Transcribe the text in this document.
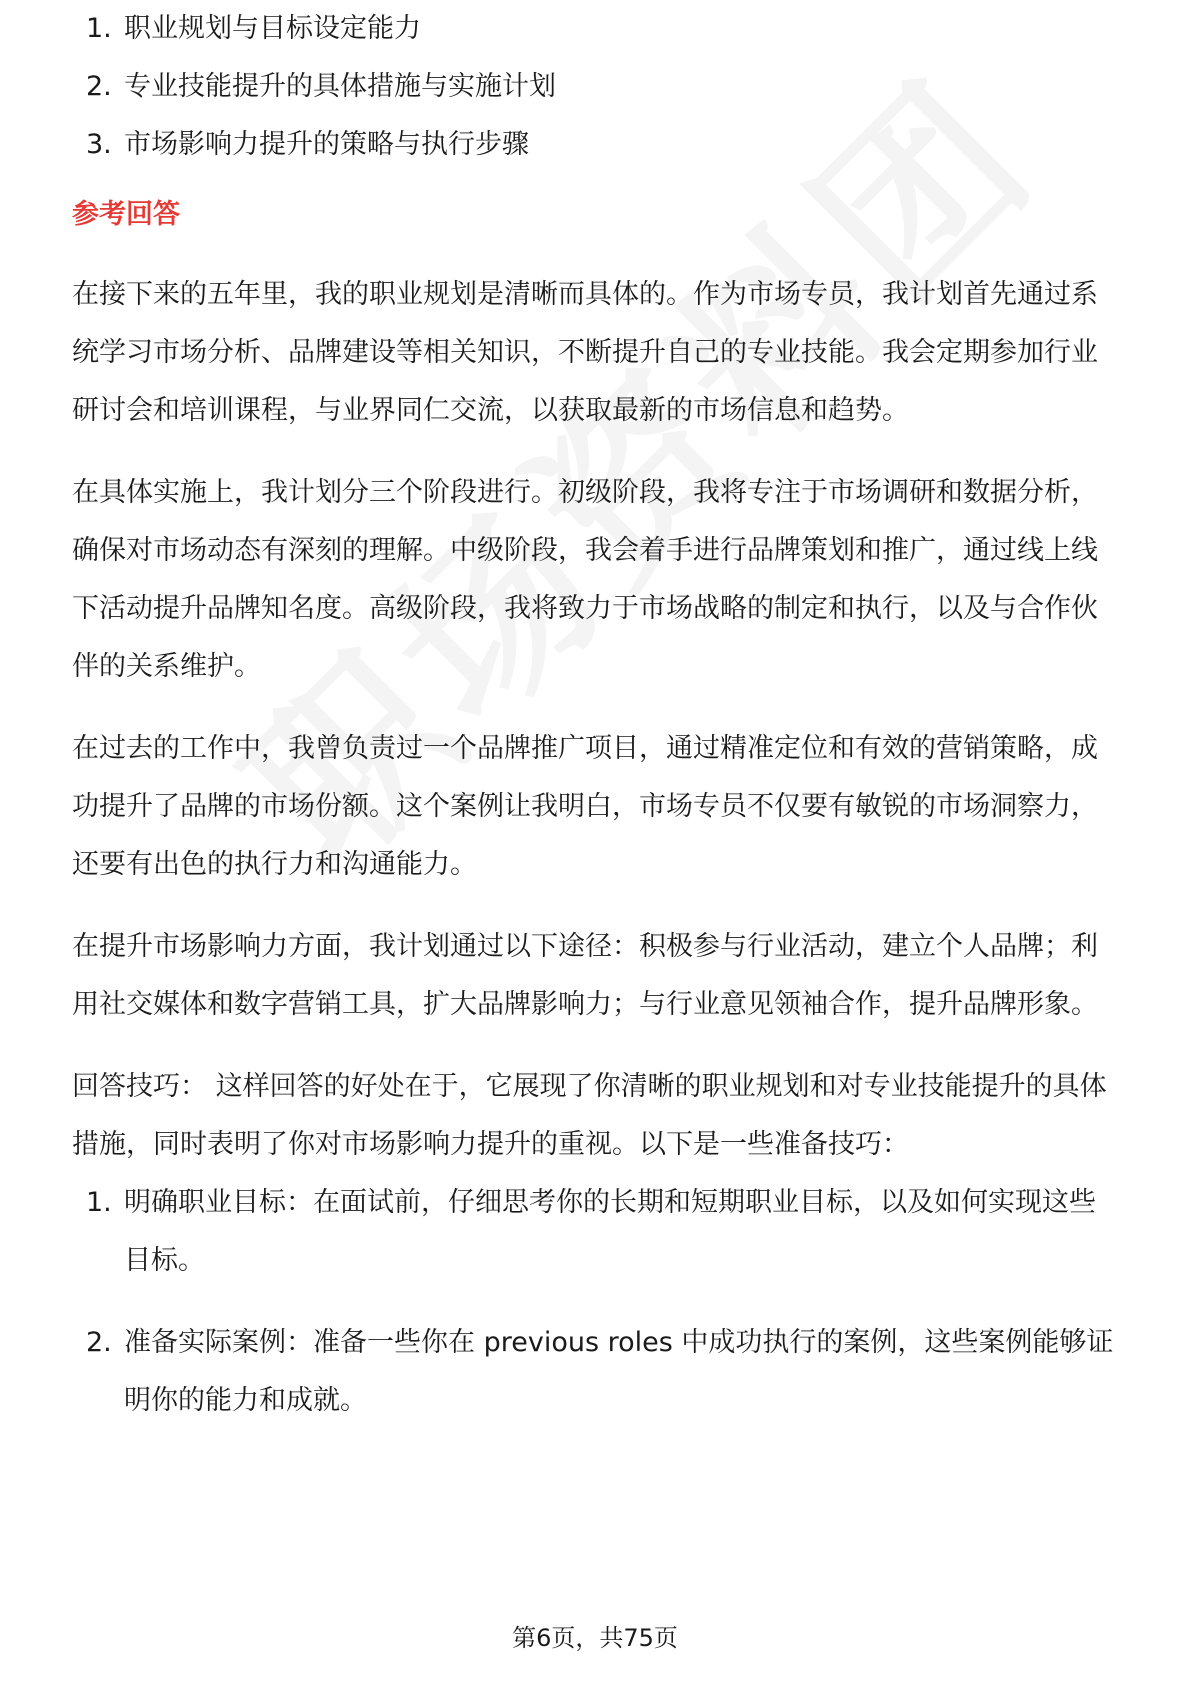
1. 职业规划与目标设定能力
2. 专业技能提升的具体措施与实施计划
3. 市场影响力提升的策略与执行步骤
参考回答

在接下来的五年里，我的职业规划是清晰而具体的。作为市场专员，我计划首先通过系统学习市场分析、品牌建设等相关知识，不断提升自己的专业技能。我会定期参加行业研讨会和培训课程，与业界同仁交流，以获取最新的市场信息和趋势。

在具体实施上，我计划分三个阶段进行。初级阶段，我将专注于市场调研和数据分析，确保对市场动态有深刻的理解。中级阶段，我会着手进行品牌策划和推广，通过线上线下活动提升品牌知名度。高级阶段，我将致力于市场战略的制定和执行，以及与合作伙伴的关系维护。

在过去的工作中，我曾负责过一个品牌推广项目，通过精准定位和有效的营销策略，成功提升了品牌的市场份额。这个案例让我明白，市场专员不仅要有敏锐的市场洞察力，还要有出色的执行力和沟通能力。

在提升市场影响力方面，我计划通过以下途径：积极参与行业活动，建立个人品牌；利用社交媒体和数字营销工具，扩大品牌影响力；与行业意见领袖合作，提升品牌形象。

回答技巧： 这样回答的好处在于，它展现了你清晰的职业规划和对专业技能提升的具体措施，同时表明了你对市场影响力提升的重视。以下是一些准备技巧：

1. 明确职业目标：在面试前，仔细思考你的长期和短期职业目标，以及如何实现这些目标。
2. 准备实际案例：准备一些你在 previous roles 中成功执行的案例，这些案例能够证明你的能力和成就。
第6页，共75页
